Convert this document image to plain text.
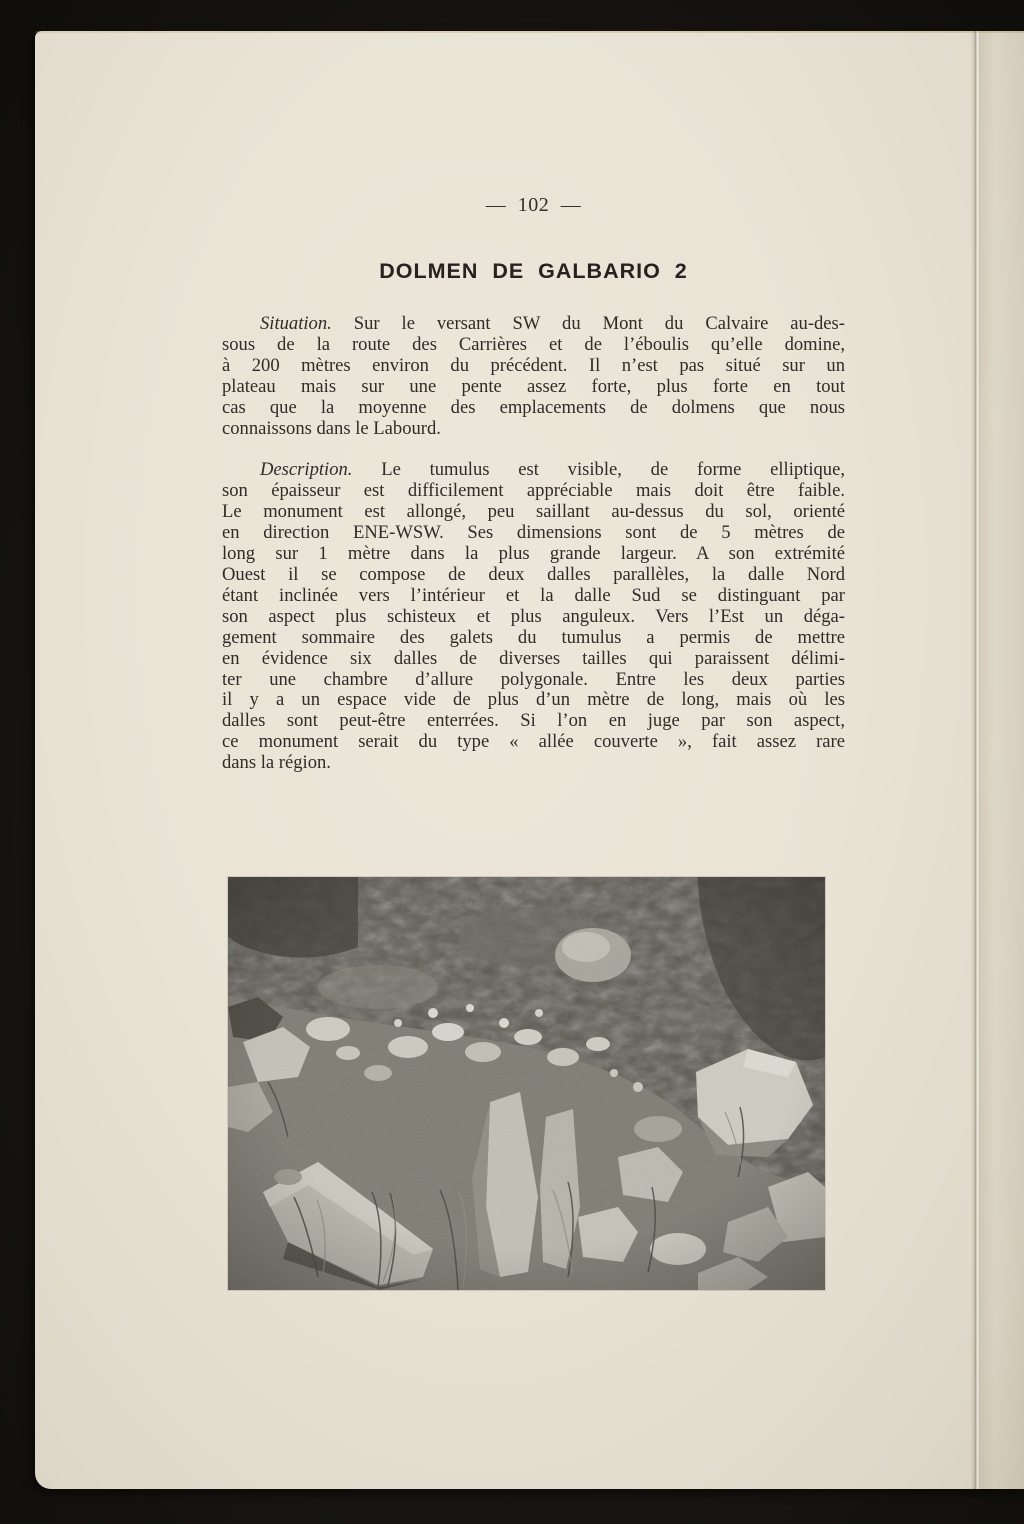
— 102 —
DOLMEN DE GALBARIO 2
Situation. Sur le versant SW du Mont du Calvaire au-des-
sous de la route des Carrières et de l’éboulis qu’elle domine,
à 200 mètres environ du précédent. Il n’est pas situé sur un
plateau mais sur une pente assez forte, plus forte en tout
cas que la moyenne des emplacements de dolmens que nous
connaissons dans le Labourd.
Description. Le tumulus est visible, de forme elliptique,
son épaisseur est difficilement appréciable mais doit être faible.
Le monument est allongé, peu saillant au-dessus du sol, orienté
en direction ENE-WSW. Ses dimensions sont de 5 mètres de
long sur 1 mètre dans la plus grande largeur. A son extrémité
Ouest il se compose de deux dalles parallèles, la dalle Nord
étant inclinée vers l’intérieur et la dalle Sud se distinguant par
son aspect plus schisteux et plus anguleux. Vers l’Est un déga-
gement sommaire des galets du tumulus a permis de mettre
en évidence six dalles de diverses tailles qui paraissent délimi-
ter une chambre d’allure polygonale. Entre les deux parties
il y a un espace vide de plus d’un mètre de long, mais où les
dalles sont peut-être enterrées. Si l’on en juge par son aspect,
ce monument serait du type « allée couverte », fait assez rare
dans la région.
